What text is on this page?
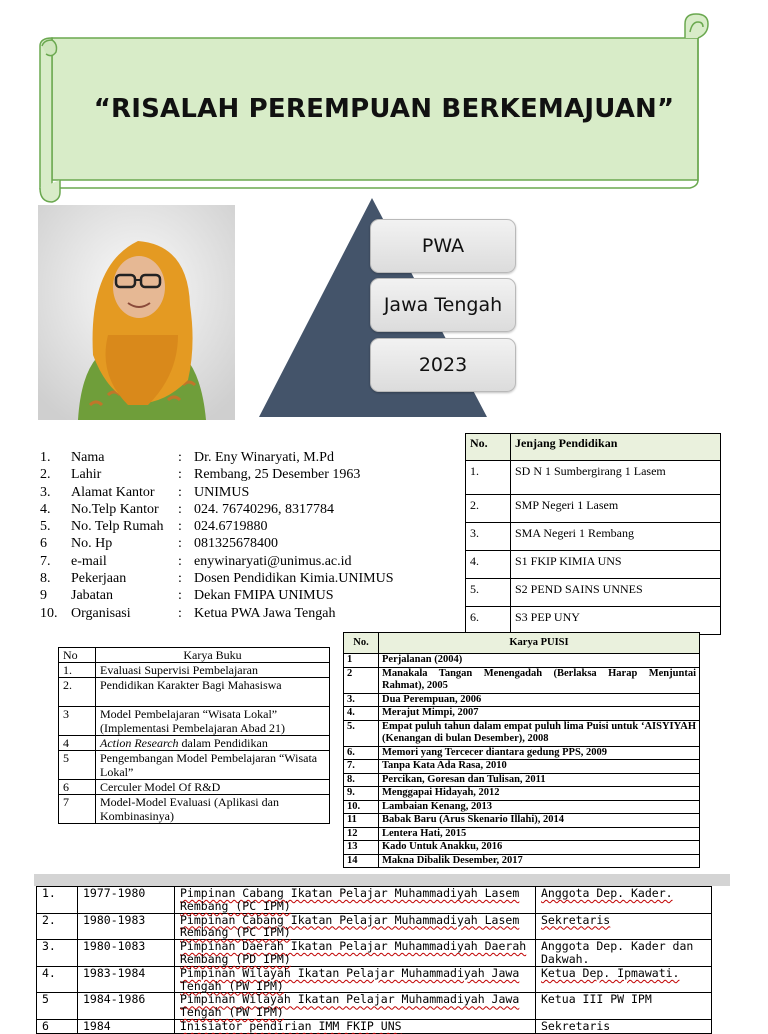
“RISALAH PEREMPUAN BERKEMAJUAN”
PWA
Jawa Tengah
2023
1. Nama	: Dr. Eny Winaryati, M.Pd
2. Lahir	: Rembang, 25 Desember 1963
3. Alamat Kantor : UNIMUS
4. No.Telp Kantor : 024. 76740296, 8317784
5. No. Telp Rumah : 024.6719880
6 No. Hp	: 081325678400
7. e-mail	: enywinaryati@unimus.ac.id
8. Pekerjaan	: Dosen Pendidikan Kimia.UNIMUS
9 Jabatan	: Dekan FMIPA UNIMUS
10. Organisasi	: Ketua PWA Jawa Tengah
No.	Jenjang Pendidikan
1.	SD N 1 Sumbergirang 1 Lasem
2.	SMP Negeri 1 Lasem
3.	SMA Negeri 1 Rembang
4.	S1 FKIP KIMIA UNS
5.	S2 PEND SAINS UNNES
6.	S3 PEP UNY
No	Karya Buku
1.	Evaluasi Supervisi Pembelajaran
2.	Pendidikan Karakter Bagi Mahasiswa
3	Model Pembelajaran “Wisata Lokal” (Implementasi Pembelajaran Abad 21)
4	Action Research dalam Pendidikan
5	Pengembangan Model Pembelajaran “Wisata Lokal”
6	Cerculer Model Of R&D
7	Model-Model Evaluasi (Aplikasi dan Kombinasinya)
No.	Karya PUISI
1	Perjalanan (2004)
2	Manakala Tangan Menengadah (Berlaksa Harap Menjuntai Rahmat), 2005
3.	Dua Perempuan, 2006
4.	Merajut Mimpi, 2007
5.	Empat puluh tahun dalam empat puluh lima Puisi untuk ‘AISYIYAH (Kenangan di bulan Desember), 2008
6.	Memori yang Tercecer diantara gedung PPS, 2009
7.	Tanpa Kata Ada Rasa, 2010
8.	Percikan, Goresan dan Tulisan, 2011
9.	Menggapai Hidayah, 2012
10.	Lambaian Kenang, 2013
11	Babak Baru (Arus Skenario Illahi), 2014
12	Lentera Hati, 2015
13	Kado Untuk Anakku, 2016
14	Makna Dibalik Desember, 2017
1.	1977-1980	Pimpinan Cabang Ikatan Pelajar Muhammadiyah Lasem Rembang (PC IPM)	Anggota Dep. Kader.
2.	1980-1983	Pimpinan Cabang Ikatan Pelajar Muhammadiyah Lasem Rembang (PC IPM)	Sekretaris
3.	1980-1083	Pimpinan Daerah Ikatan Pelajar Muhammadiyah Daerah Rembang (PD IPM)	Anggota Dep. Kader dan Dakwah.
4.	1983-1984	Pimpinan Wilayah Ikatan Pelajar Muhammadiyah Jawa Tengah (PW IPM)	Ketua Dep. Ipmawati.
5	1984-1986	Pimpinan Wilayah Ikatan Pelajar Muhammadiyah Jawa Tengah (PW IPM)	Ketua III PW IPM
6	1984	Inisiator pendirian IMM FKIP UNS	Sekretaris
